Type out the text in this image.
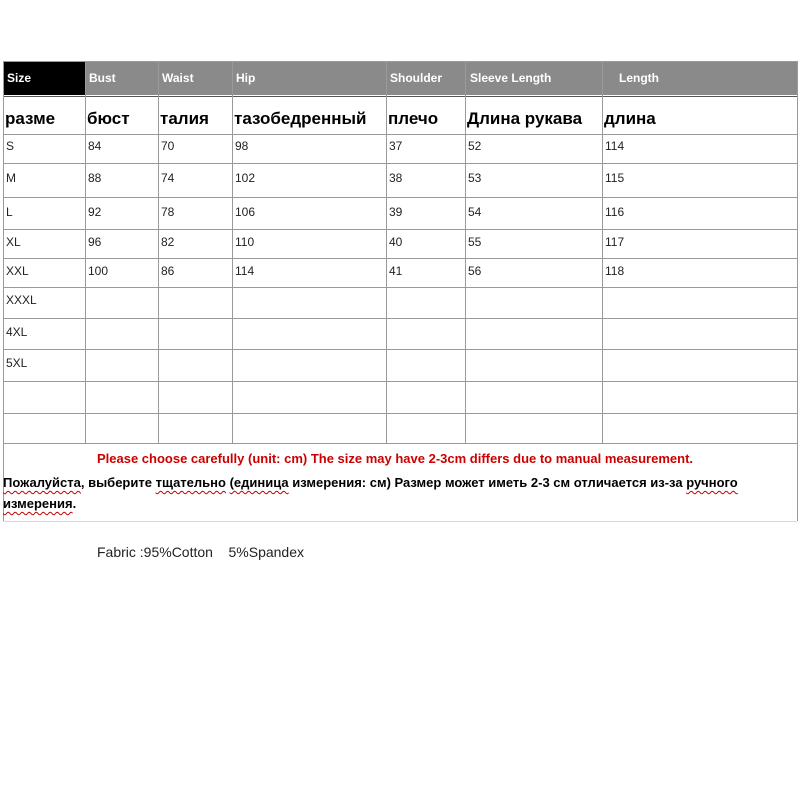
Size	Bust	Waist	Hip	Shoulder	Sleeve Length	Length
разме	бюст	талия	тазобедренный	плечо	Длина рукава	длина
S	84	70	98	37	52	114
M	88	74	102	38	53	115
L	92	78	106	39	54	116
XL	96	82	110	40	55	117
XXL	100	86	114	41	56	118
XXXL
4XL
5XL
Please choose carefully (unit: cm) The size may have 2-3cm differs due to manual measurement.
Пожалуйста, выберите тщательно (единица измерения: см) Размер может иметь 2-3 см отличается из-за ручного измерения.
Fabric :95%Cotton    5%Spandex
